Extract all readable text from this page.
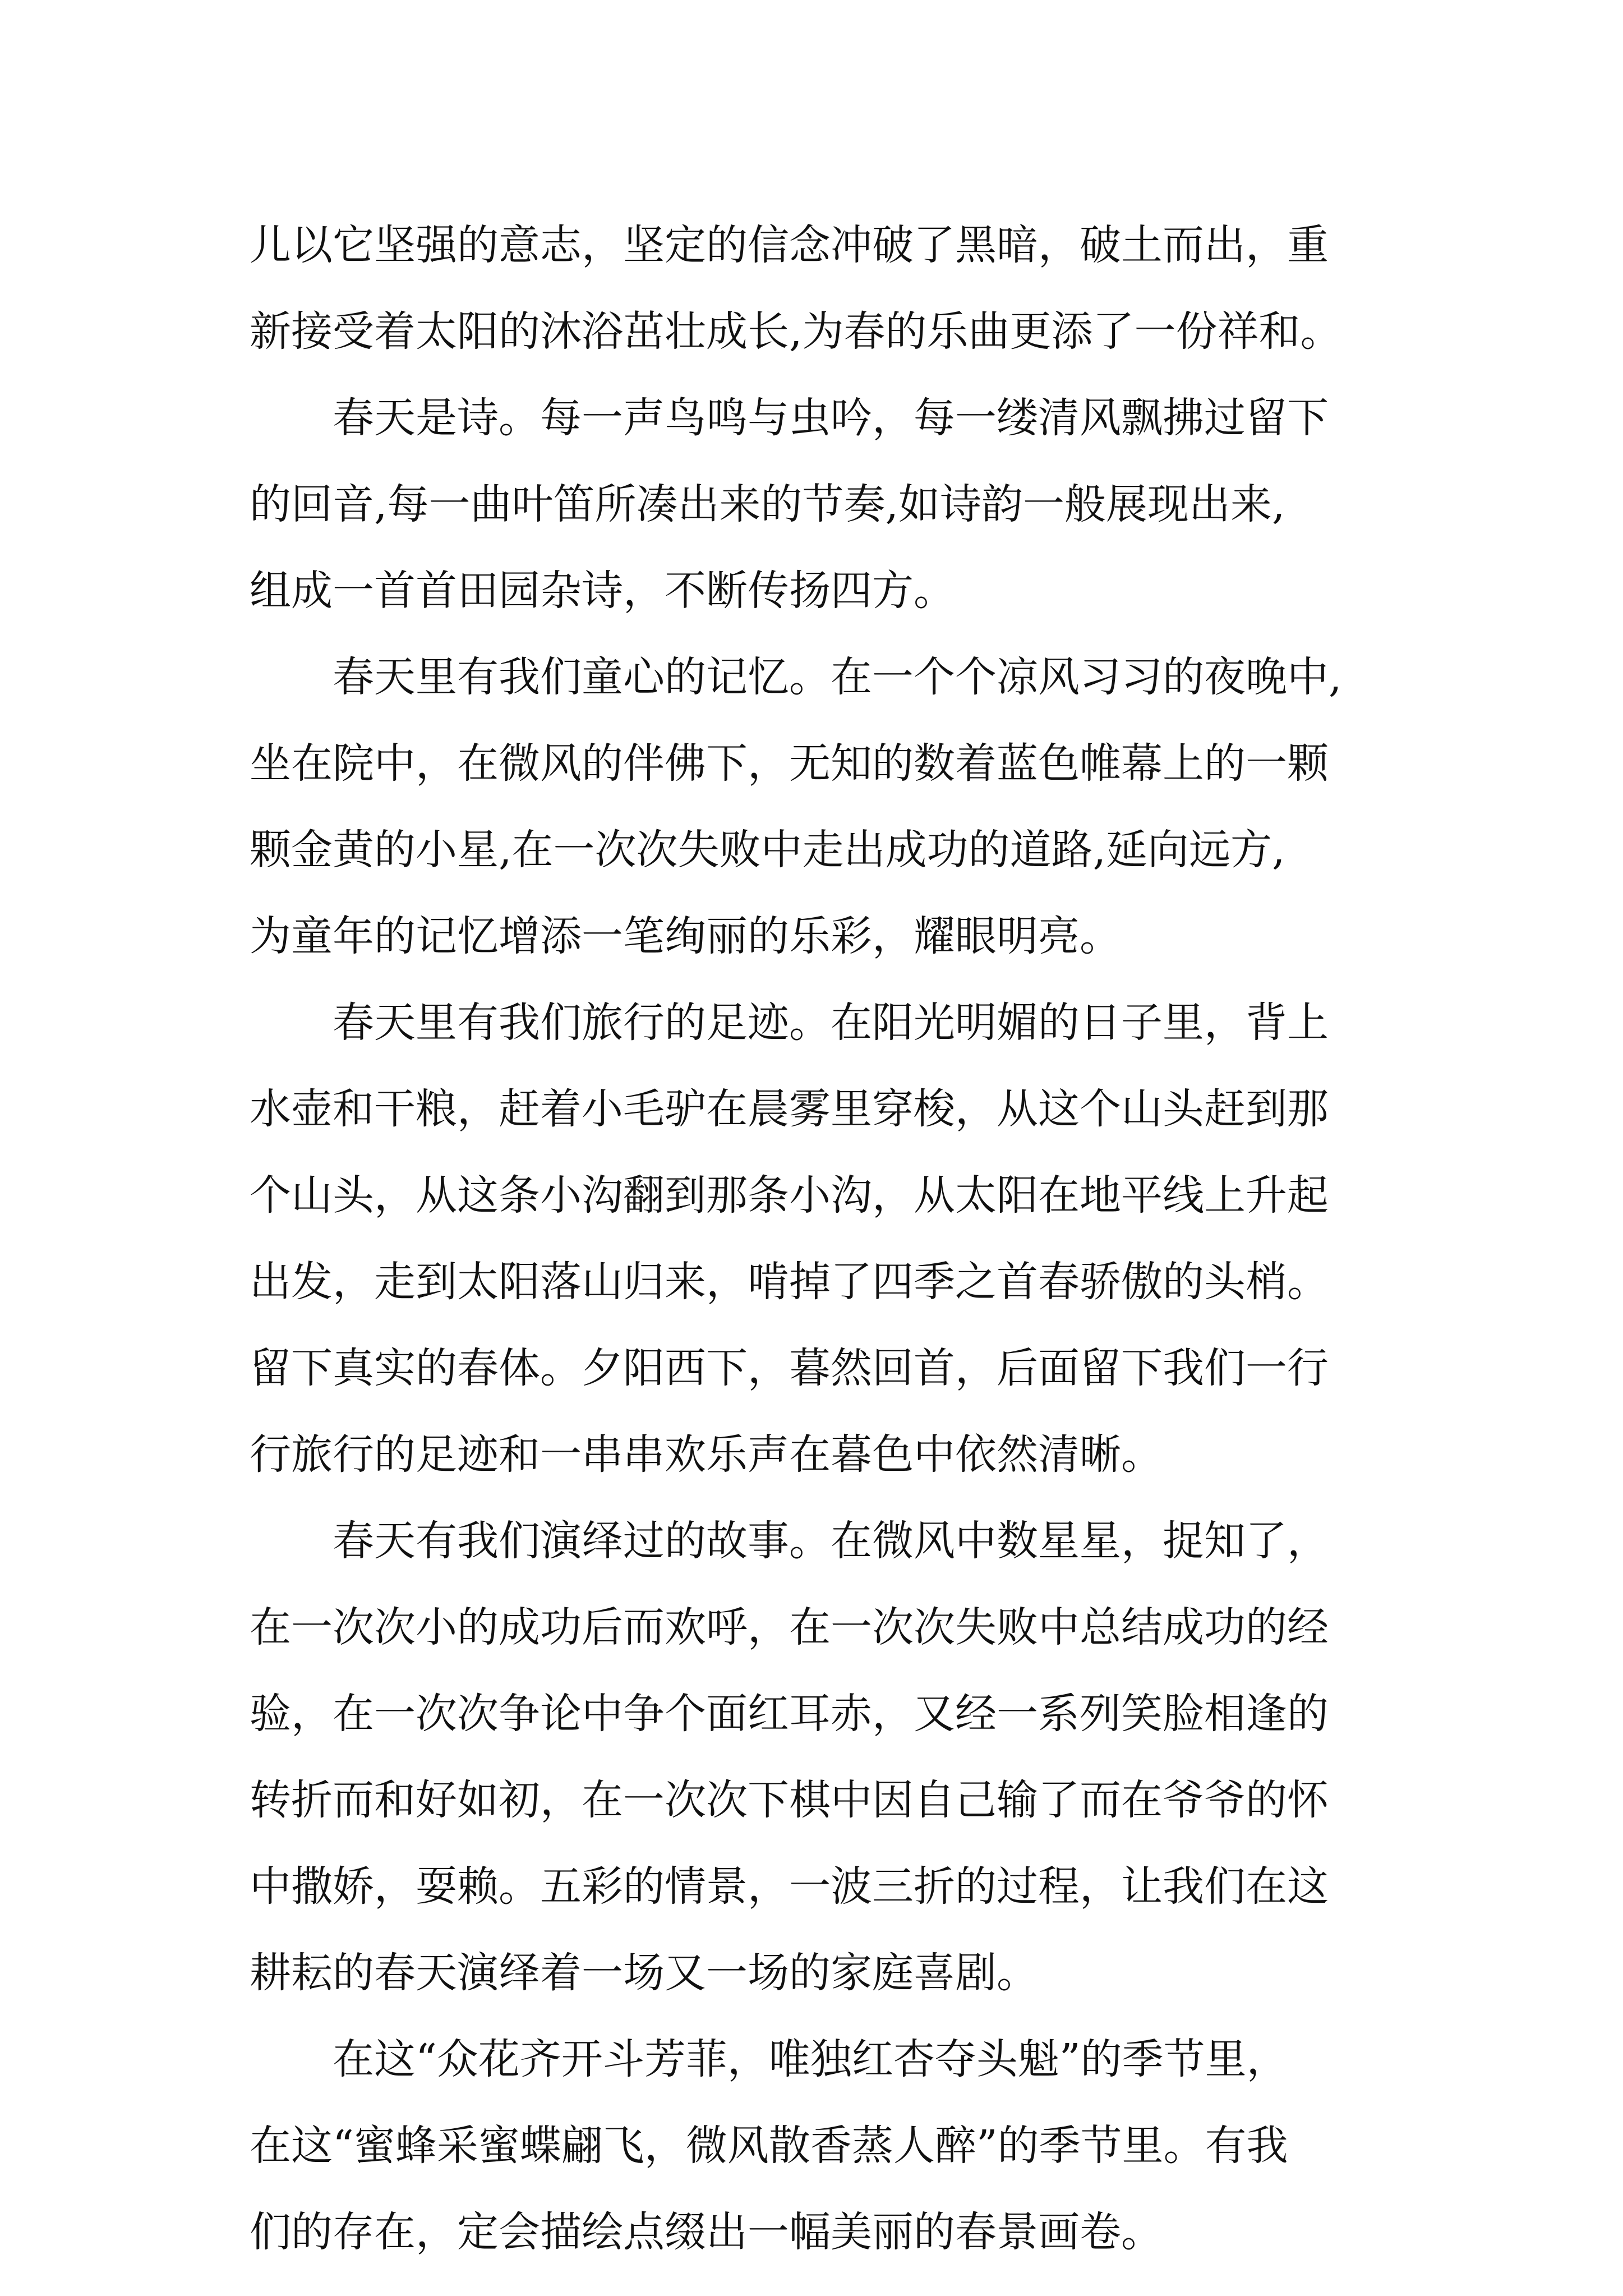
儿以它坚强的意志，坚定的信念冲破了黑暗，破土而出，重
新接受着太阳的沐浴茁壮成长,为春的乐曲更添了一份祥和。
春天是诗。每一声鸟鸣与虫吟，每一缕清风飘拂过留下
的回音,每一曲叶笛所凑出来的节奏,如诗韵一般展现出来,
组成一首首田园杂诗，不断传扬四方。
春天里有我们童心的记忆。在一个个凉风习习的夜晚中,
坐在院中，在微风的伴佛下，无知的数着蓝色帷幕上的一颗
颗金黄的小星,在一次次失败中走出成功的道路,延向远方,
为童年的记忆增添一笔绚丽的乐彩，耀眼明亮。
春天里有我们旅行的足迹。在阳光明媚的日子里，背上
水壶和干粮，赶着小毛驴在晨雾里穿梭，从这个山头赶到那
个山头，从这条小沟翻到那条小沟，从太阳在地平线上升起
出发，走到太阳落山归来，啃掉了四季之首春骄傲的头梢。
留下真实的春体。夕阳西下，暮然回首，后面留下我们一行
行旅行的足迹和一串串欢乐声在暮色中依然清晰。
春天有我们演绎过的故事。在微风中数星星，捉知了，
在一次次小的成功后而欢呼，在一次次失败中总结成功的经
验，在一次次争论中争个面红耳赤，又经一系列笑脸相逢的
转折而和好如初，在一次次下棋中因自己输了而在爷爷的怀
中撒娇，耍赖。五彩的情景，一波三折的过程，让我们在这
耕耘的春天演绎着一场又一场的家庭喜剧。
在这“众花齐开斗芳菲，唯独红杏夺头魁”的季节里，
在这“蜜蜂采蜜蝶翩飞，微风散香蒸人醉”的季节里。有我
们的存在，定会描绘点缀出一幅美丽的春景画卷。
